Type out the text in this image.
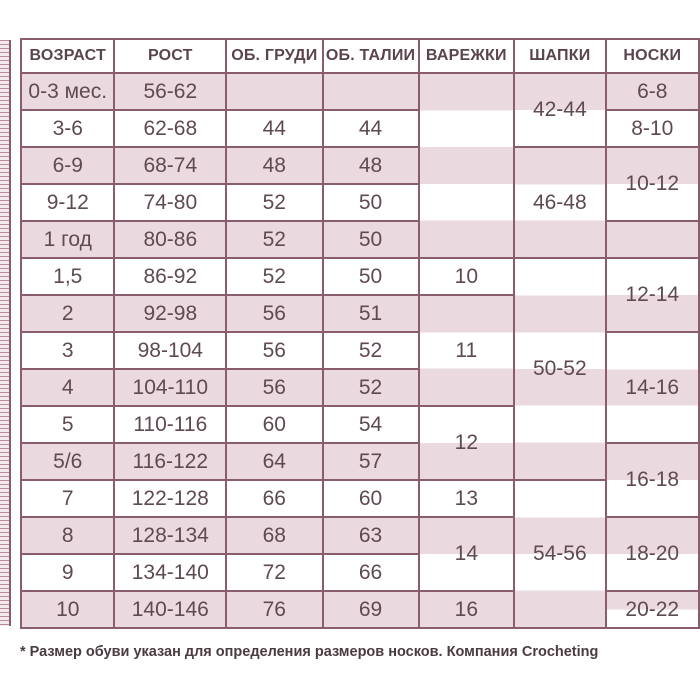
ВОЗРАСТ	РОСТ	ОБ. ГРУДИ	ОБ. ТАЛИИ	ВАРЕЖКИ	ШАПКИ	НОСКИ
0-3 мес.	56-62				42-44	6-8
3-6	62-68	44	44			8-10
6-9	68-74	48	48		46-48	10-12
9-12	74-80	52	50			
1 год	80-86	52	50			
1,5	86-92	52	50	10	50-52	12-14
2	92-98	56	51	11		
3	98-104	56	52			14-16
4	104-110	56	52			
5	110-116	60	54	12		
5/6	116-122	64	57			16-18
7	122-128	66	60	13	54-56	
8	128-134	68	63	14		18-20
9	134-140	72	66			
10	140-146	76	69	16		20-22
* Размер обуви указан для определения размеров носков. Компания Crocheting
